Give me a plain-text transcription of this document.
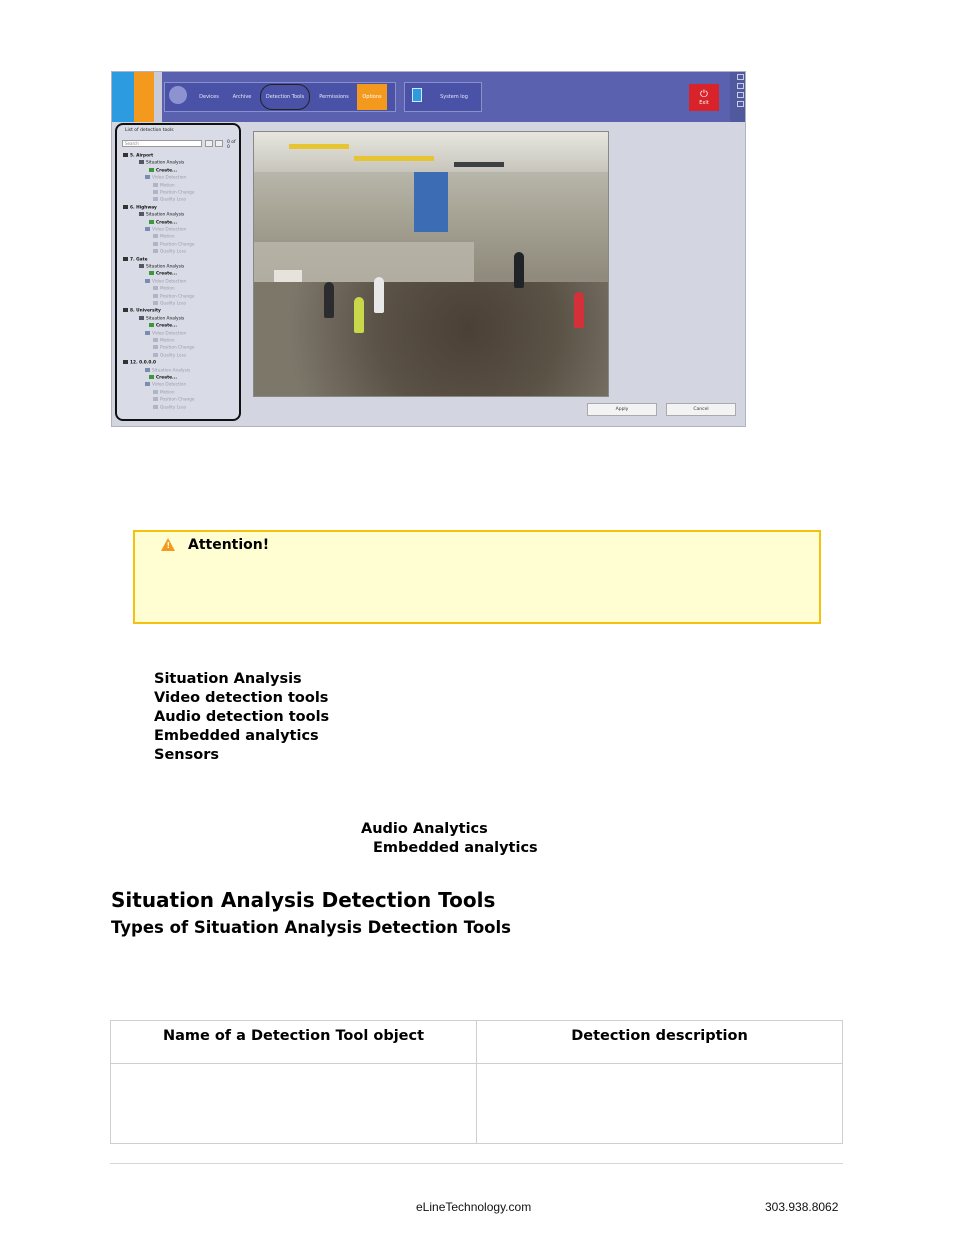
Devices	Archive	Detection Tools	Permissions	Options	System log	⏻
Exit
List of detection tools
Search	0 of 0
5. Airport
Situation Analysis
Create...
Video Detection
Motion
Position Change
Quality Loss
6. Highway
Situation Analysis
Create...
Video Detection
Motion
Position Change
Quality Loss
7. Gate
Situation Analysis
Create...
Video Detection
Motion
Position Change
Quality Loss
8. University
Situation Analysis
Create...
Video Detection
Motion
Position Change
Quality Loss
12. 0.0.0.0
Situation Analysis
Create...
Video Detection
Motion
Position Change
Quality Loss	Apply	Cancel
! Attention!
Situation Analysis
Video detection tools
Audio detection tools
Embedded analytics
Sensors
Audio Analytics
Embedded analytics
Situation Analysis Detection Tools
Types of Situation Analysis Detection Tools
Name of a Detection Tool object	Detection description
eLineTechnology.com	303.938.8062
